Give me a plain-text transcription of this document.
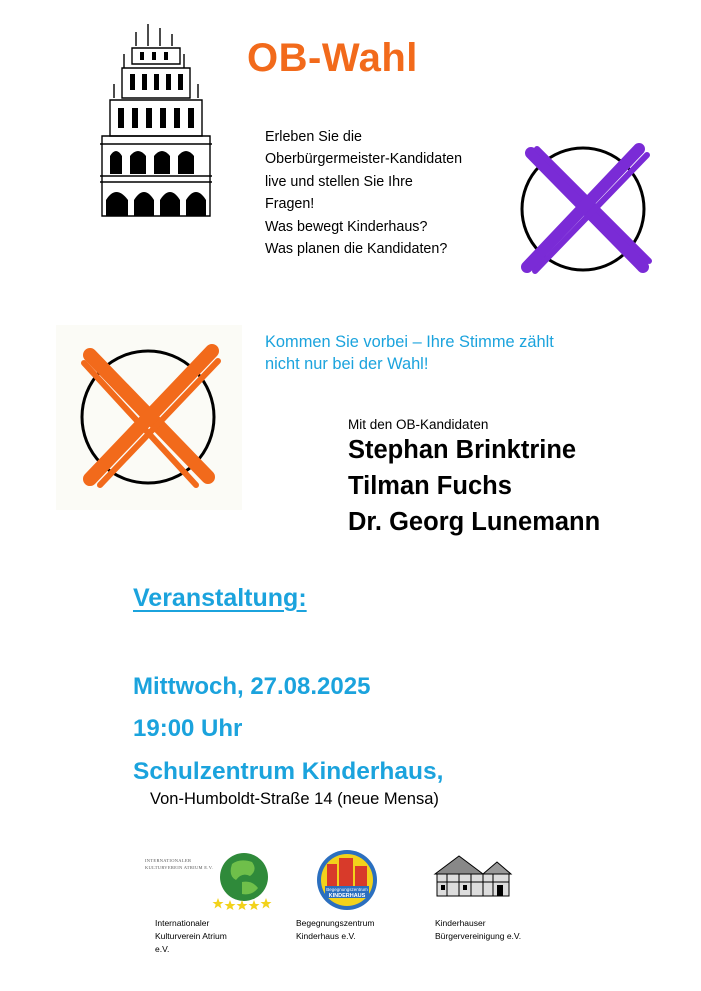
OB-Wahl
Erleben Sie die
Oberbürgermeister-Kandidaten
live und stellen Sie Ihre
Fragen!
Was bewegt Kinderhaus?
Was planen die Kandidaten?
Kommen Sie vorbei – Ihre Stimme zählt
nicht nur bei der Wahl!
Mit den OB-Kandidaten
Stephan Brinktrine
Tilman Fuchs
Dr. Georg Lunemann
Veranstaltung:
Mittwoch, 27.08.2025
19:00 Uhr
Schulzentrum Kinderhaus,
Von-Humboldt-Straße 14 (neue Mensa)
INTERNATIONALER
KULTURVEREIN ATRIUM E.V.
Internationaler
Kulturverein Atrium
e.V.
Begegnungszentrum
KINDERHAUS
Begegnungszentrum
Kinderhaus e.V.
Kinderhauser
Bürgervereinigung e.V.
